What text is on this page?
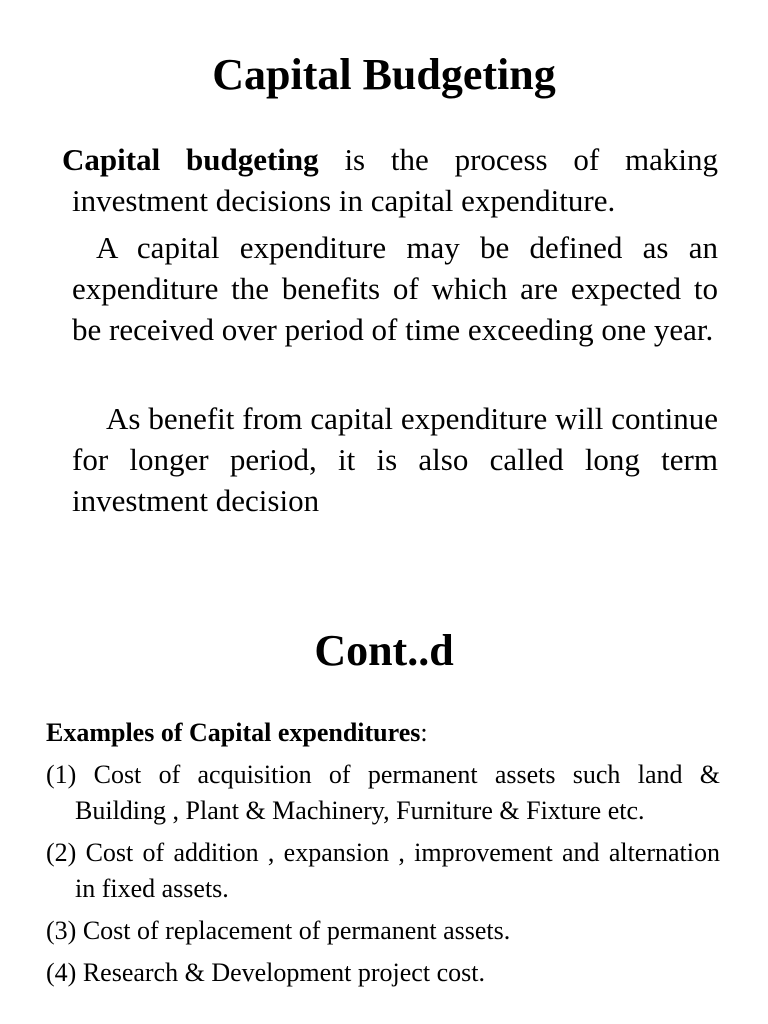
Capital Budgeting

Capital budgeting is the process of making investment decisions in capital expenditure.

A capital expenditure may be defined as an expenditure the benefits of which are expected to be received over period of time exceeding one year.

As benefit from capital expenditure will continue for longer period, it is also called long term investment decision

Cont..d

Examples of Capital expenditures:

(1) Cost of acquisition of permanent assets such land & Building , Plant & Machinery, Furniture & Fixture etc.

(2) Cost of addition , expansion , improvement and alternation in fixed assets.

(3) Cost of replacement of permanent assets.

(4) Research & Development project cost.
